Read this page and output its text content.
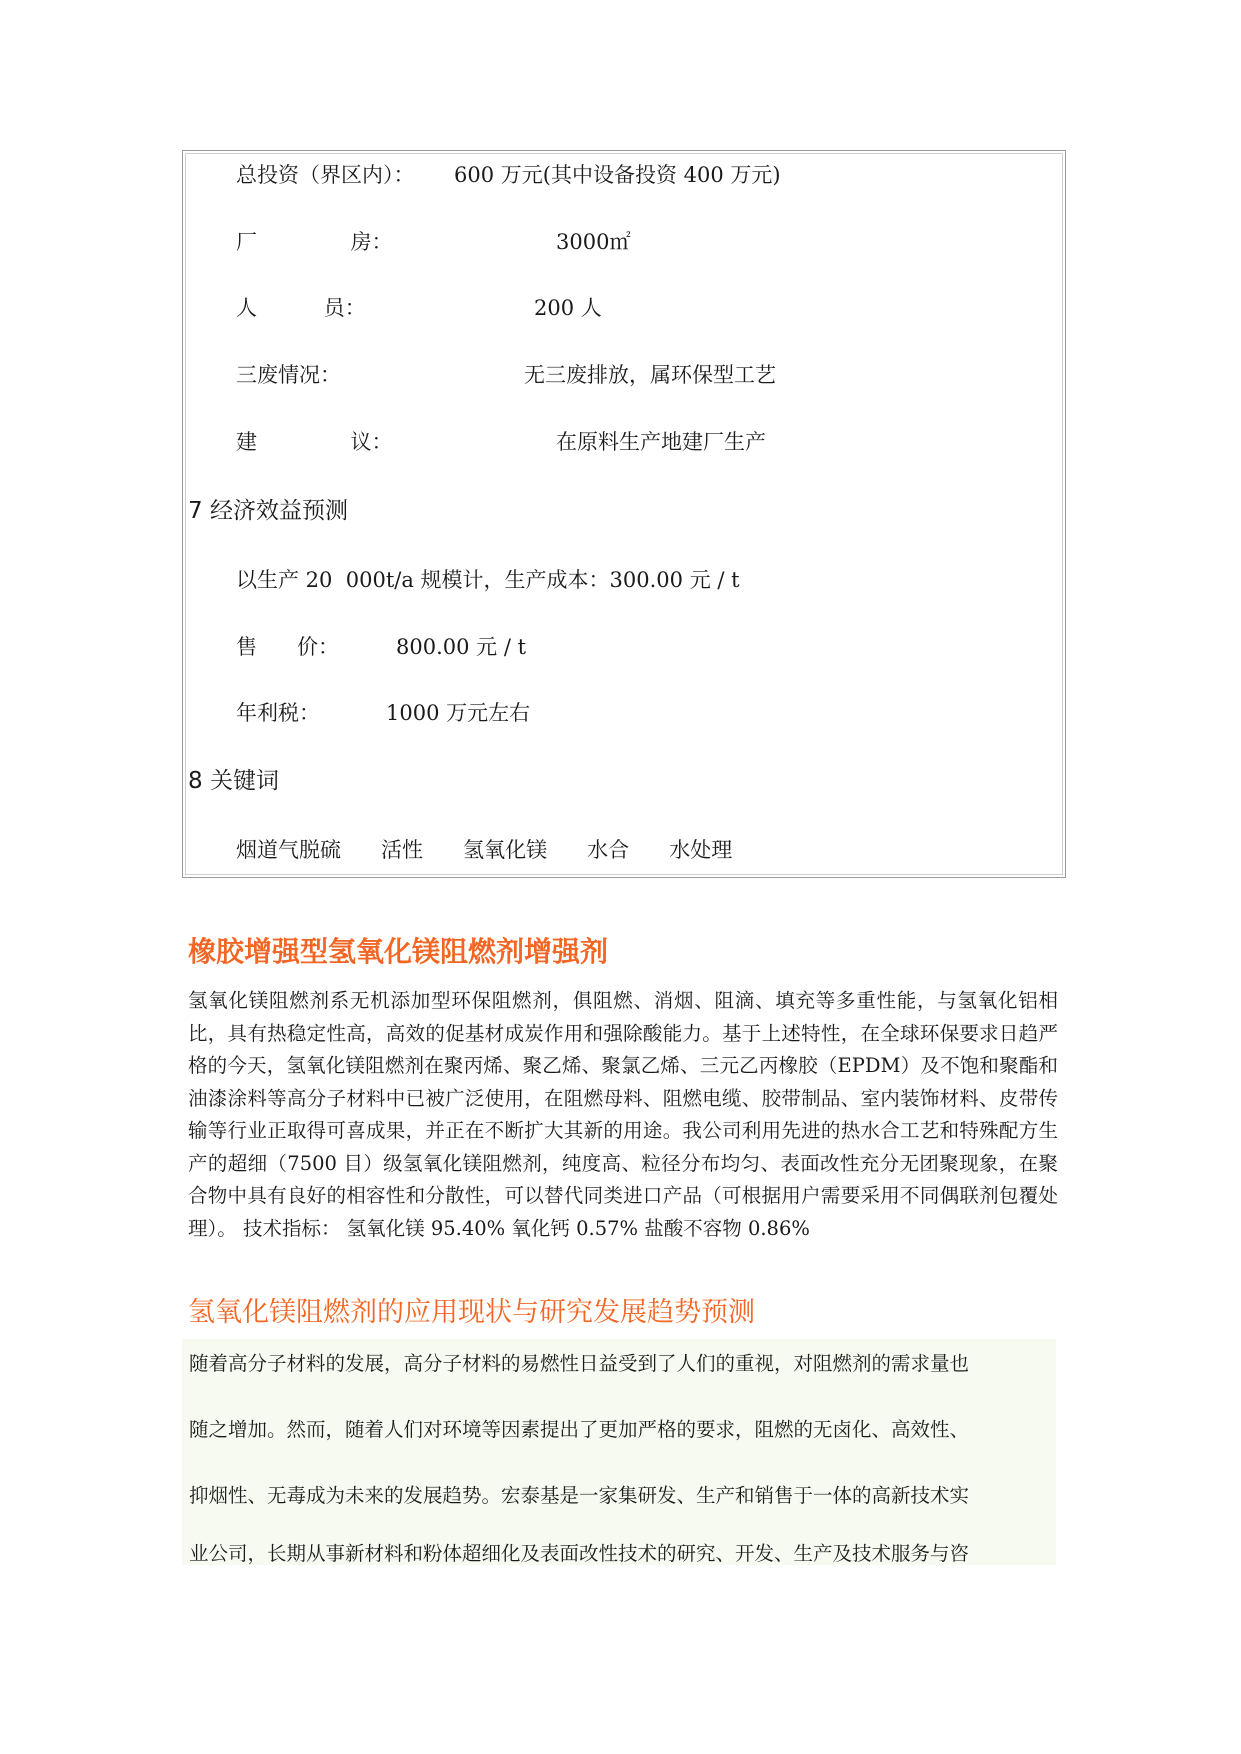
总投资（界区内）：

600 万元(其中设备投资 400 万元)

厂              房：

	3000㎡

人          员：

	200 人

三废情况：

	无三废排放，属环保型工艺

建              议：

	在原料生产地建厂生产

7 经济效益预测

以生产 20  000t/a 规模计，生产成本：300.00 元 / t

售      价：

	800.00 元 / t

年利税：

	1000 万元左右

8 关键词
烟道气脱硫      活性      氢氧化镁      水合      水处理
橡胶增强型氢氧化镁阻燃剂增强剂
氢氧化镁阻燃剂系无机添加型环保阻燃剂，俱阻燃、消烟、阻滴、填充等多重性能，与氢氧化铝相比，具有热稳定性高，高效的促基材成炭作用和强除酸能力。基于上述特性，在全球环保要求日趋严格的今天，氢氧化镁阻燃剂在聚丙烯、聚乙烯、聚氯乙烯、三元乙丙橡胶（EPDM）及不饱和聚酯和油漆涂料等高分子材料中已被广泛使用，在阻燃母料、阻燃电缆、胶带制品、室内装饰材料、皮带传输等行业正取得可喜成果，并正在不断扩大其新的用途。我公司利用先进的热水合工艺和特殊配方生产的超细（7500 目）级氢氧化镁阻燃剂，纯度高、粒径分布均匀、表面改性充分无团聚现象，在聚合物中具有良好的相容性和分散性，可以替代同类进口产品（可根据用户需要采用不同偶联剂包覆处理）。 技术指标： 氢氧化镁 95.40% 氧化钙 0.57% 盐酸不容物 0.86%
氢氧化镁阻燃剂的应用现状与研究发展趋势预测
随着高分子材料的发展，高分子材料的易燃性日益受到了人们的重视，对阻燃剂的需求量也
随之增加。然而，随着人们对环境等因素提出了更加严格的要求，阻燃的无卤化、高效性、
抑烟性、无毒成为未来的发展趋势。宏泰基是一家集研发、生产和销售于一体的高新技术实
业公司，长期从事新材料和粉体超细化及表面改性技术的研究、开发、生产及技术服务与咨
